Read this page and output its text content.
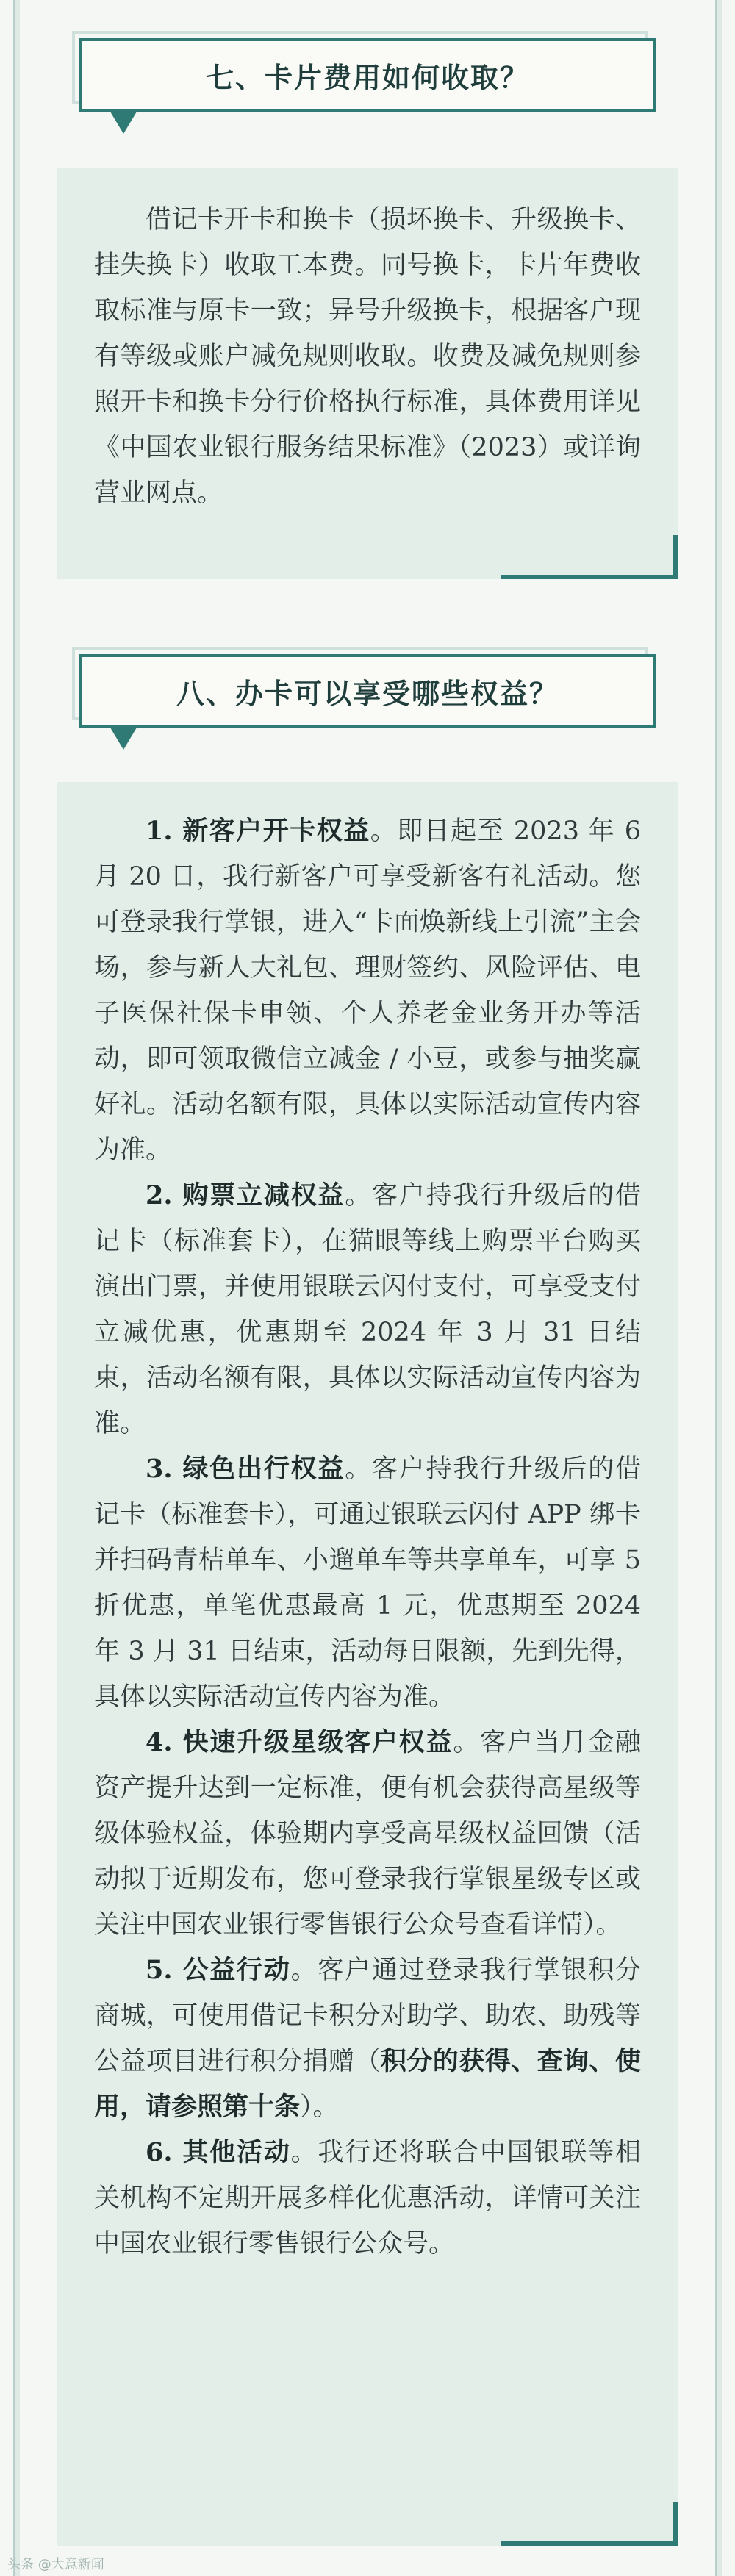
七、卡片费用如何收取？

借记卡开卡和换卡（损坏换卡、升级换卡、挂失换卡）收取工本费。同号换卡，卡片年费收取标准与原卡一致；异号升级换卡，根据客户现有等级或账户减免规则收取。收费及减免规则参照开卡和换卡分行价格执行标准，具体费用详见《中国农业银行服务结果标准》（2023）或详询营业网点。

八、办卡可以享受哪些权益？

1. 新客户开卡权益。即日起至 2023 年 6 月 20 日，我行新客户可享受新客有礼活动。您可登录我行掌银，进入“卡面焕新线上引流”主会场，参与新人大礼包、理财签约、风险评估、电子医保社保卡申领、个人养老金业务开办等活动，即可领取微信立减金 / 小豆，或参与抽奖赢好礼。活动名额有限，具体以实际活动宣传内容为准。

2. 购票立减权益。客户持我行升级后的借记卡（标准套卡），在猫眼等线上购票平台购买演出门票，并使用银联云闪付支付，可享受支付立减优惠，优惠期至 2024 年 3 月 31 日结束，活动名额有限，具体以实际活动宣传内容为准。

3. 绿色出行权益。客户持我行升级后的借记卡（标准套卡），可通过银联云闪付 APP 绑卡并扫码青桔单车、小遛单车等共享单车，可享 5 折优惠，单笔优惠最高 1 元，优惠期至 2024 年 3 月 31 日结束，活动每日限额，先到先得，具体以实际活动宣传内容为准。

4. 快速升级星级客户权益。客户当月金融资产提升达到一定标准，便有机会获得高星级等级体验权益，体验期内享受高星级权益回馈（活动拟于近期发布，您可登录我行掌银星级专区或关注中国农业银行零售银行公众号查看详情）。

5. 公益行动。客户通过登录我行掌银积分商城，可使用借记卡积分对助学、助农、助残等公益项目进行积分捐赠（积分的获得、查询、使用，请参照第十条）。

6. 其他活动。我行还将联合中国银联等相关机构不定期开展多样化优惠活动，详情可关注中国农业银行零售银行公众号。

头条 @大意新闻
